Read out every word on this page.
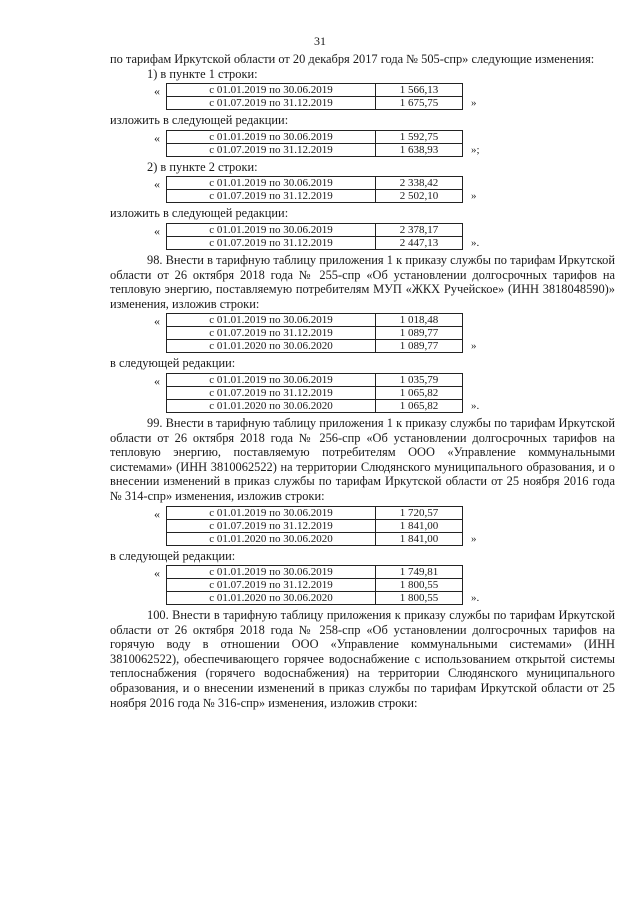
31

по тарифам Иркутской области от 20 декабря 2017 года № 505-спр» следующие изменения:

1) в пункте 1 строки:

«	с 01.01.2019 по 30.06.2019	1 566,13	
с 01.07.2019 по 31.12.2019	1 675,75	»

изложить в следующей редакции:

«	с 01.01.2019 по 30.06.2019	1 592,75	
с 01.07.2019 по 31.12.2019	1 638,93	»;

2) в пункте 2 строки:

«	с 01.01.2019 по 30.06.2019	2 338,42	
с 01.07.2019 по 31.12.2019	2 502,10	»

изложить в следующей редакции:

«	с 01.01.2019 по 30.06.2019	2 378,17	
с 01.07.2019 по 31.12.2019	2 447,13	».

98. Внести в тарифную таблицу приложения 1 к приказу службы по тарифам Иркутской области от 26 октября 2018 года № 255-спр «Об установлении долгосрочных тарифов на тепловую энергию, поставляемую потребителям МУП «ЖКХ Ручейское» (ИНН 3818048590)» изменения, изложив строки:

«	с 01.01.2019 по 30.06.2019	1 018,48	
с 01.07.2019 по 31.12.2019	1 089,77	
с 01.01.2020 по 30.06.2020	1 089,77	»

в следующей редакции:

«	с 01.01.2019 по 30.06.2019	1 035,79	
с 01.07.2019 по 31.12.2019	1 065,82	
с 01.01.2020 по 30.06.2020	1 065,82	».

99. Внести в тарифную таблицу приложения 1 к приказу службы по тарифам Иркутской области от 26 октября 2018 года № 256-спр «Об установлении долгосрочных тарифов на тепловую энергию, поставляемую потребителям ООО «Управление коммунальными системами» (ИНН 3810062522) на территории Слюдянского муниципального образования, и о внесении изменений в приказ службы по тарифам Иркутской области от 25 ноября 2016 года № 314-спр» изменения, изложив строки:

«	с 01.01.2019 по 30.06.2019	1 720,57	
с 01.07.2019 по 31.12.2019	1 841,00	
с 01.01.2020 по 30.06.2020	1 841,00	»

в следующей редакции:

«	с 01.01.2019 по 30.06.2019	1 749,81	
с 01.07.2019 по 31.12.2019	1 800,55	
с 01.01.2020 по 30.06.2020	1 800,55	».

100. Внести в тарифную таблицу приложения к приказу службы по тарифам Иркутской области от 26 октября 2018 года № 258-спр «Об установлении долгосрочных тарифов на горячую воду в отношении ООО «Управление коммунальными системами» (ИНН 3810062522), обеспечивающего горячее водоснабжение с использованием открытой системы теплоснабжения (горячего водоснабжения) на территории Слюдянского муниципального образования, и о внесении изменений в приказ службы по тарифам Иркутской области от 25 ноября 2016 года № 316-спр» изменения, изложив строки:
